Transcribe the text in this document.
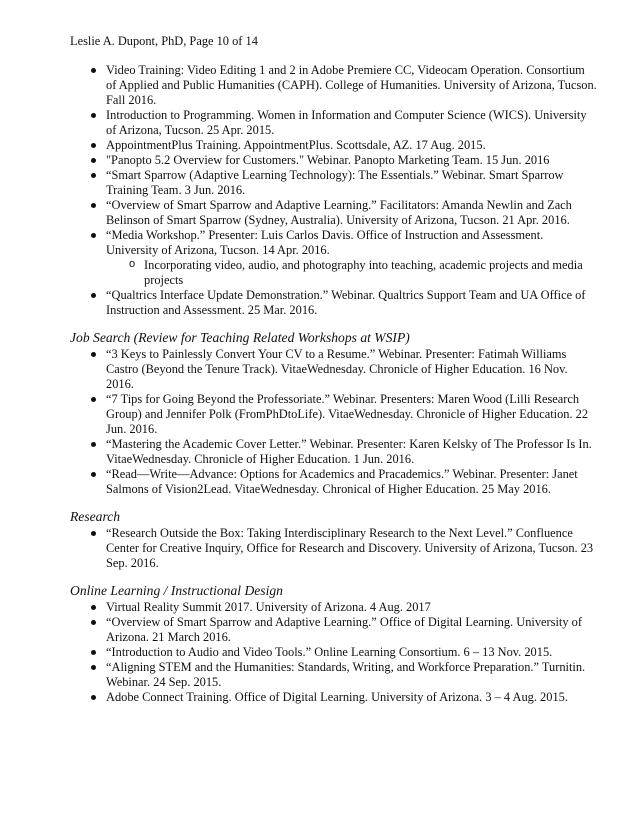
Leslie A. Dupont, PhD, Page 10 of 14
Video Training: Video Editing 1 and 2 in Adobe Premiere CC, Videocam Operation. Consortium of Applied and Public Humanities (CAPH). College of Humanities. University of Arizona, Tucson. Fall 2016.
Introduction to Programming. Women in Information and Computer Science (WICS). University of Arizona, Tucson. 25 Apr. 2015.
AppointmentPlus Training. AppointmentPlus. Scottsdale, AZ. 17 Aug. 2015.
"Panopto 5.2 Overview for Customers." Webinar. Panopto Marketing Team. 15 Jun. 2016
“Smart Sparrow (Adaptive Learning Technology): The Essentials.” Webinar. Smart Sparrow Training Team. 3 Jun. 2016.
“Overview of Smart Sparrow and Adaptive Learning.” Facilitators: Amanda Newlin and Zach Belinson of Smart Sparrow (Sydney, Australia). University of Arizona, Tucson. 21 Apr. 2016.
“Media Workshop.” Presenter: Luis Carlos Davis. Office of Instruction and Assessment. University of Arizona, Tucson. 14 Apr. 2016.
o Incorporating video, audio, and photography into teaching, academic projects and media projects
“Qualtrics Interface Update Demonstration.” Webinar. Qualtrics Support Team and UA Office of Instruction and Assessment. 25 Mar. 2016.
Job Search (Review for Teaching Related Workshops at WSIP)
“3 Keys to Painlessly Convert Your CV to a Resume.” Webinar. Presenter: Fatimah Williams Castro (Beyond the Tenure Track). VitaeWednesday. Chronicle of Higher Education. 16 Nov. 2016.
“7 Tips for Going Beyond the Professoriate.” Webinar. Presenters: Maren Wood (Lilli Research Group) and Jennifer Polk (FromPhDtoLife). VitaeWednesday. Chronicle of Higher Education. 22 Jun. 2016.
“Mastering the Academic Cover Letter.” Webinar. Presenter: Karen Kelsky of The Professor Is In. VitaeWednesday. Chronicle of Higher Education. 1 Jun. 2016.
“Read—Write—Advance: Options for Academics and Pracademics.” Webinar. Presenter: Janet Salmons of Vision2Lead. VitaeWednesday. Chronical of Higher Education. 25 May 2016.
Research
“Research Outside the Box: Taking Interdisciplinary Research to the Next Level.” Confluence Center for Creative Inquiry, Office for Research and Discovery. University of Arizona, Tucson. 23 Sep. 2016.
Online Learning / Instructional Design
Virtual Reality Summit 2017. University of Arizona. 4 Aug. 2017
“Overview of Smart Sparrow and Adaptive Learning.” Office of Digital Learning. University of Arizona. 21 March 2016.
“Introduction to Audio and Video Tools.” Online Learning Consortium. 6 – 13 Nov. 2015.
“Aligning STEM and the Humanities: Standards, Writing, and Workforce Preparation.” Turnitin. Webinar. 24 Sep. 2015.
Adobe Connect Training. Office of Digital Learning. University of Arizona. 3 – 4 Aug. 2015.
